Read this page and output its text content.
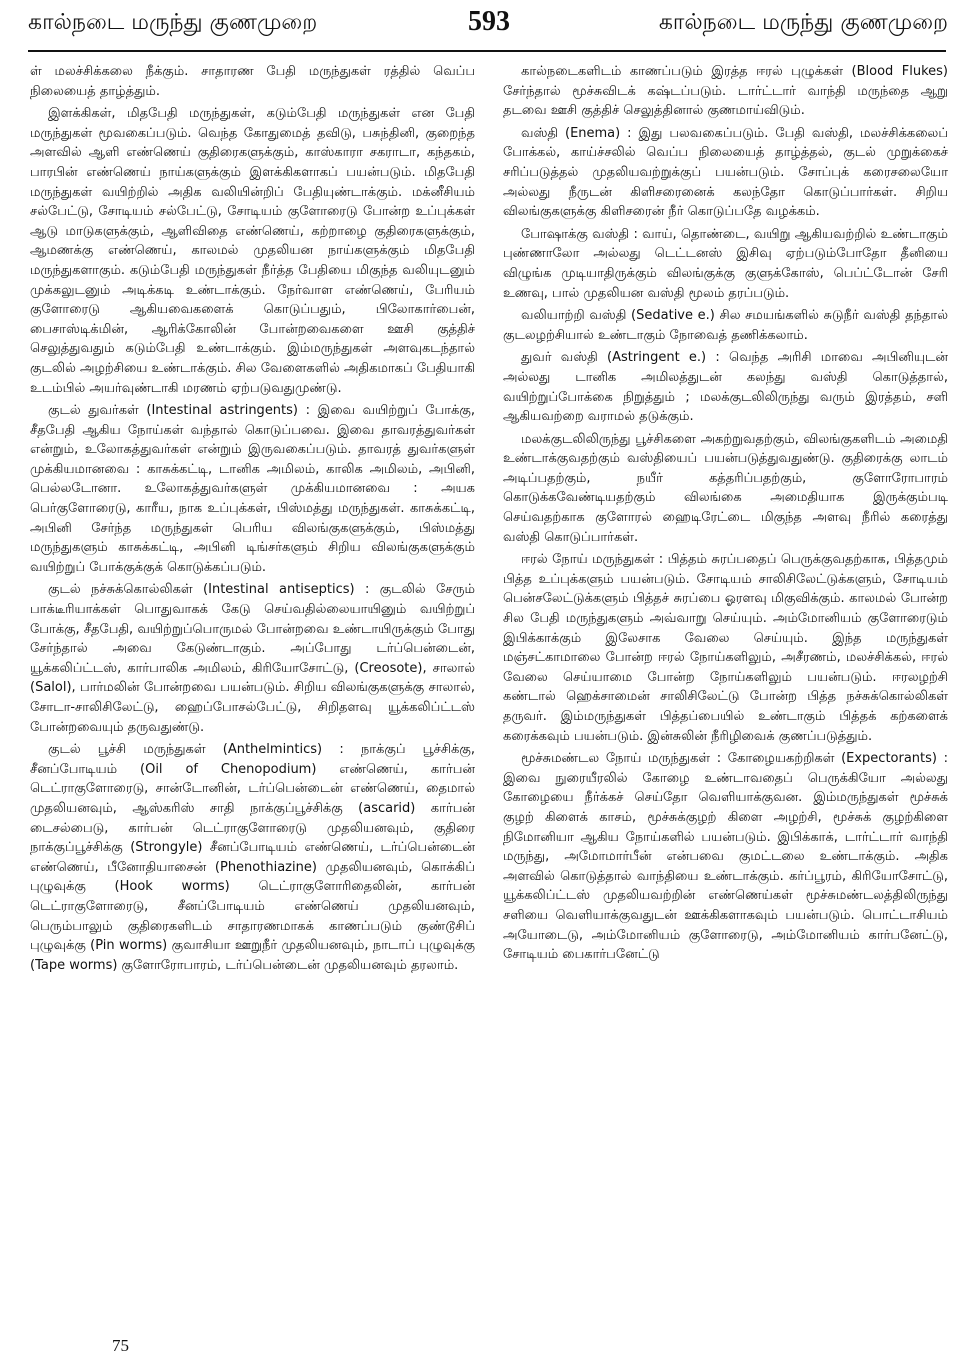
கால்நடை மருந்து குணமுறை	593	கால்நடை மருந்து குணமுறை

ள் மலச்சிக்கலை நீக்கும். சாதாரண பேதி மருந்துகள் ரத்தில் வெப்ப நிலையைத் தாழ்த்தும்.

இளக்கிகள், மிதபேதி மருந்துகள், கடும்பேதி மருந்துகள் என பேதி மருந்துகள் மூவகைப்படும். வெந்த கோதுமைத் தவிடு, பசுந்தினி, குறைந்த அளவில் ஆளி எண்ணெய் குதிரைகளுக்கும், காஸ்காரா சகராடா, கந்தகம், பாரபின் எண்ணெய் நாய்களுக்கும் இளக்கிகளாகப் பயன்படும். மிதபேதி மருந்துகள் வயிற்றில் அதிக வலியின்றிப் பேதியுண்டாக்கும். மக்னீசியம் சல்பேட்டு, சோடியம் சல்பேட்டு, சோடியம் குளோரைடு போன்ற உப்புக்கள் ஆடு மாடுகளுக்கும், ஆளிவிதை எண்ணெய், கற்றாழை குதிரைகளுக்கும், ஆமணக்கு எண்ணெய், காலமல் முதலியன நாய்களுக்கும் மிதபேதி மருந்துகளாகும். கடும்பேதி மருந்துகள் நீர்த்த பேதியை மிகுந்த வலியுடனும் முக்கலுடனும் அடிக்கடி உண்டாக்கும். நேர்வாள எண்ணெய், பேரியம் குளோரைடு ஆகியவைகளைக் கொடுப்பதும், பிலோகார்பைன், பைசாஸ்டிக்மின், ஆரிக்கோலின் போன்றவைகளை ஊசி குத்திச் செலுத்துவதும் கடும்பேதி உண்டாக்கும். இம்மருந்துகள் அளவுகடந்தால் குடலில் அழற்சியை உண்டாக்கும். சில வேளைகளில் அதிகமாகப் பேதியாகி உடம்பில் அயர்வுண்டாகி மரணம் ஏற்படுவதுமுண்டு.

குடல் துவர்கள் (Intestinal astringents) : இவை வயிற்றுப் போக்கு, சீதபேதி ஆகிய நோய்கள் வந்தால் கொடுப்பவை. இவை தாவரத்துவர்கள் என்றும், உலோகத்துவர்கள் என்றும் இருவகைப்படும். தாவரத் துவர்களுள் முக்கியமானவை : காசுக்கட்டி, டானிக அமிலம், காலிக அமிலம், அபினி, பெல்லடோனா. உலோகத்துவர்களுள் முக்கியமானவை : அயக பெர்குளோரைடு, காரீய, நாக உப்புக்கள், பிஸ்மத்து மருந்துகள். காசுக்கட்டி, அபினி சேர்ந்த மருந்துகள் பெரிய விலங்குகளுக்கும், பிஸ்மத்து மருந்துகளும் காசுக்கட்டி, அபினி டிங்சர்களும் சிறிய விலங்குகளுக்கும் வயிற்றுப் போக்குக்குக் கொடுக்கப்படும்.

குடல் நச்சுக்கொல்லிகள் (Intestinal antiseptics) : குடலில் சேரும் பாக்டீரியாக்கள் பொதுவாகக் கேடு செய்வதில்லையாயினும் வயிற்றுப் போக்கு, சீதபேதி, வயிற்றுப்பொருமல் போன்றவை உண்டாயிருக்கும் போது சேர்ந்தால் அவை கேடுண்டாகும். அப்போது டர்ப்பென்டைன், யூக்கலிப்ட்டஸ், கார்பாலிக அமிலம், கிரியோசோட்டு, (Creosote), சாலால் (Salol), பார்மலின் போன்றவை பயன்படும். சிறிய விலங்குகளுக்கு சாலால், சோடா-சாலிசிலேட்டு, ஹைப்போசல்பேட்டு, சிறிதளவு யூக்கலிப்ட்டஸ் போன்றவையும் தருவதுண்டு.

குடல் பூச்சி மருந்துகள் (Anthelmintics) : நாக்குப் பூச்சிக்கு, சீனப்போடியம் (Oil of Chenopodium) எண்ணெய், கார்பன் டெட்ராகுளோரைடு, சான்டோனின், டர்ப்பென்டைன் எண்ணெய், தைமால் முதலியனவும், ஆஸ்கரிஸ் சாதி நாக்குப்பூச்சிக்கு (ascarid) கார்பன் டைசல்பைடு, கார்பன் டெட்ராகுளோரைடு முதலியனவும், குதிரை நாக்குப்பூச்சிக்கு (Strongyle) சீனப்போடியம் எண்ணெய், டர்ப்பென்டைன் எண்ணெய், பீனோதியாசைன் (Phenothiazine) முதலியனவும், கொக்கிப் புழுவுக்கு (Hook worms) டெட்ராகுளோரிதைலின், கார்பன் டெட்ராகுளோரைடு, சீனப்போடியம் எண்ணெய் முதலியனவும், பெரும்பாலும் குதிரைகளிடம் சாதாரணமாகக் காணப்படும் குண்டூசிப் புழுவுக்கு (Pin worms) குவாசியா ஊறுநீர் முதலியனவும், நாடாப் புழுவுக்கு (Tape worms) குளோரோபாரம், டர்ப்பென்டைன் முதலியனவும் தரலாம்.

கால்நடைகளிடம் காணப்படும் இரத்த ஈரல் புழுக்கள் (Blood Flukes) சேர்ந்தால் மூச்சுவிடக் கஷ்டப்படும். டார்ட்டார் வாந்தி மருந்தை ஆறு தடவை ஊசி குத்திச் செலுத்தினால் குணமாய்விடும்.

வஸ்தி (Enema) : இது பலவகைப்படும். பேதி வஸ்தி, மலச்சிக்கலைப் போக்கல், காய்ச்சலில் வெப்ப நிலையைத் தாழ்த்தல், குடல் முறுக்கைச் சரிப்படுத்தல் முதலியவற்றுக்குப் பயன்படும். சோப்புக் கரைசலையோ அல்லது நீருடன் கிளிசரைனைக் கலந்தோ கொடுப்பார்கள். சிறிய விலங்குகளுக்கு கிளிசரைன் நீர் கொடுப்பதே வழக்கம்.

போஷாக்கு வஸ்தி : வாய், தொண்டை, வயிறு ஆகியவற்றில் உண்டாகும் புண்ணாலோ அல்லது டெட்டனஸ் இசிவு ஏற்படும்போதோ தீனியை விழுங்க முடியாதிருக்கும் விலங்குக்கு குளுக்கோஸ், பெப்ட்டோன் சேரி உணவு, பால் முதலியன வஸ்தி மூலம் தரப்படும்.

வலியாற்றி வஸ்தி (Sedative e.) சில சமயங்களில் சுடுநீர் வஸ்தி தந்தால் குடலழற்சியால் உண்டாகும் நோவைத் தணிக்கலாம்.

துவர் வஸ்தி (Astringent e.) : வெந்த அரிசி மாவை அபினியுடன் அல்லது டானிக அமிலத்துடன் கலந்து வஸ்தி கொடுத்தால், வயிற்றுப்போக்கை நிறுத்தும் ; மலக்குடலிலிருந்து வரும் இரத்தம், சளி ஆகியவற்றை வராமல் தடுக்கும்.

மலக்குடலிலிருந்து பூச்சிகளை அகற்றுவதற்கும், விலங்குகளிடம் அமைதி உண்டாக்குவதற்கும் வஸ்தியைப் பயன்படுத்துவதுண்டு. குதிரைக்கு லாடம் அடிப்பதற்கும், நயீர் கத்தரிப்பதற்கும், குளோரோபாரம் கொடுக்கவேண்டியதற்கும் விலங்கை அமைதியாக இருக்கும்படி செய்வதற்காக குளோரல் ஹைடிரேட்டை மிகுந்த அளவு நீரில் கரைத்து வஸ்தி கொடுப்பார்கள்.

ஈரல் நோய் மருந்துகள் : பித்தம் சுரப்பதைப் பெருக்குவதற்காக, பித்தமும் பித்த உப்புக்களும் பயன்படும். சோடியம் சாலிசிலேட்டுக்களும், சோடியம் பென்சலேட்டுக்களும் பித்தச் சுரப்பை ஓரளவு மிகுவிக்கும். காலமல் போன்ற சில பேதி மருந்துகளும் அவ்வாறு செய்யும். அம்மோனியம் குளோரைடும் இபிக்காக்கும் இலேசாக வேலை செய்யும். இந்த மருந்துகள் மஞ்சட்காமாலை போன்ற ஈரல் நோய்களிலும், அசீரணம், மலச்சிக்கல், ஈரல் வேலை செய்யாமை போன்ற நோய்களிலும் பயன்படும். ஈரலழற்சி கண்டால் ஹெக்சாமைன் சாலிசிலேட்டு போன்ற பித்த நச்சுக்கொல்லிகள் தருவர். இம்மருந்துகள் பித்தப்பையில் உண்டாகும் பித்தக் கற்களைக் கரைக்கவும் பயன்படும். இன்சுலின் நீரிழிவைக் குணப்படுத்தும்.

மூச்சுமண்டல நோய் மருந்துகள் : கோழையகற்றிகள் (Expectorants) : இவை நுரையீரலில் கோழை உண்டாவதைப் பெருக்கியோ அல்லது கோழையை நீர்க்கச் செய்தோ வெளியாக்குவன. இம்மருந்துகள் மூச்சுக் குழற் கிளைக் காசம், மூச்சுக்குழற் கிளை அழற்சி, மூச்சுக் குழற்கிளை நிமோனியா ஆகிய நோய்களில் பயன்படும். இபிக்காக், டார்ட்டார் வாந்தி மருந்து, அமோமார்பீன் என்பவை குமட்டலை உண்டாக்கும். அதிக அளவில் கொடுத்தால் வாந்தியை உண்டாக்கும். கர்ப்பூரம், கிரியோசோட்டு, யூக்கலிப்ட்டஸ் முதலியவற்றின் எண்ணெய்கள் மூச்சுமண்டலத்திலிருந்து சளியை வெளியாக்குவதுடன் ஊக்கிகளாகவும் பயன்படும். பொட்டாசியம் அயோடைடு, அம்மோனியம் குளோரைடு, அம்மோனியம் கார்பனேட்டு, சோடியம் பைகார்பனேட்டு

75
